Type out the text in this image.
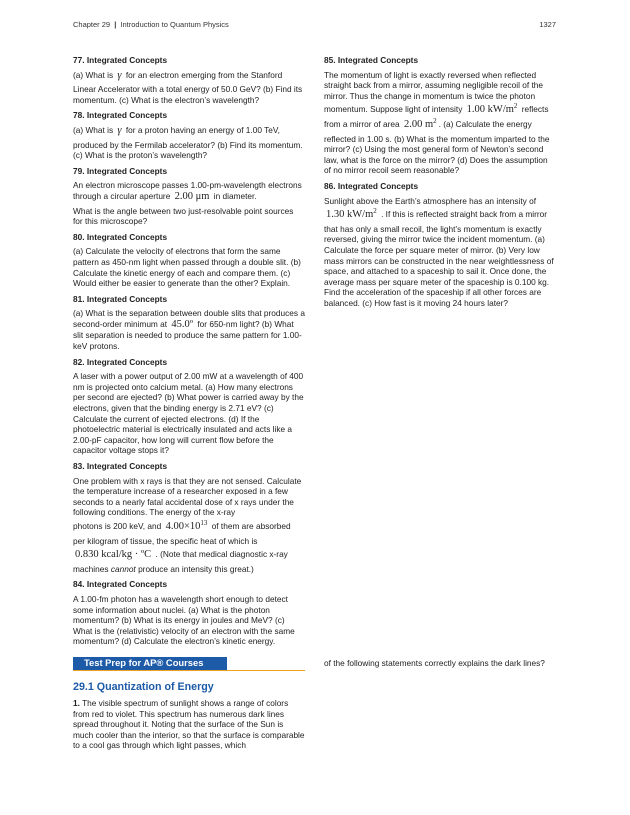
Chapter 29 | Introduction to Quantum Physics	1327
77. Integrated Concepts

(a) What is γ for an electron emerging from the Stanford

Linear Accelerator with a total energy of 50.0 GeV? (b) Find its momentum. (c) What is the electron’s wavelength?

78. Integrated Concepts

(a) What is γ for a proton having an energy of 1.00 TeV,

produced by the Fermilab accelerator? (b) Find its momentum. (c) What is the proton’s wavelength?

79. Integrated Concepts

An electron microscope passes 1.00-pm-wavelength electrons through a circular aperture 2.00 μm in diameter.

What is the angle between two just-resolvable point sources for this microscope?

80. Integrated Concepts

(a) Calculate the velocity of electrons that form the same pattern as 450-nm light when passed through a double slit. (b) Calculate the kinetic energy of each and compare them. (c) Would either be easier to generate than the other? Explain.

81. Integrated Concepts

(a) What is the separation between double slits that produces a second-order minimum at 45.0º for 650-nm light? (b) What slit separation is needed to produce the same pattern for 1.00-keV protons.

82. Integrated Concepts

A laser with a power output of 2.00 mW at a wavelength of 400 nm is projected onto calcium metal. (a) How many electrons per second are ejected? (b) What power is carried away by the electrons, given that the binding energy is 2.71 eV? (c) Calculate the current of ejected electrons. (d) If the photoelectric material is electrically insulated and acts like a 2.00-pF capacitor, how long will current flow before the capacitor voltage stops it?

83. Integrated Concepts

One problem with x rays is that they are not sensed. Calculate the temperature increase of a researcher exposed in a few seconds to a nearly fatal accidental dose of x rays under the following conditions. The energy of the x-ray

photons is 200 keV, and $4.00\times 10^{13}$ of them are absorbed

per kilogram of tissue, the specific heat of which is

0.830 kcal/kg · ºC . (Note that medical diagnostic x-ray

machines cannot produce an intensity this great.)

84. Integrated Concepts

A 1.00-fm photon has a wavelength short enough to detect some information about nuclei. (a) What is the photon momentum? (b) What is its energy in joules and MeV? (c) What is the (relativistic) velocity of an electron with the same momentum? (d) Calculate the electron’s kinetic energy.

85. Integrated Concepts

The momentum of light is exactly reversed when reflected straight back from a mirror, assuming negligible recoil of the mirror. Thus the change in momentum is twice the photon

momentum. Suppose light of intensity 1.00 $kW/m^2$ reflects

from a mirror of area 2.00 $m^2$ . (a) Calculate the energy

reflected in 1.00 s. (b) What is the momentum imparted to the mirror? (c) Using the most general form of Newton’s second law, what is the force on the mirror? (d) Does the assumption of no mirror recoil seem reasonable?

86. Integrated Concepts

Sunlight above the Earth’s atmosphere has an intensity of

1.30 $kW/m^2$ . If this is reflected straight back from a mirror

that has only a small recoil, the light’s momentum is exactly reversed, giving the mirror twice the incident momentum. (a) Calculate the force per square meter of mirror. (b) Very low mass mirrors can be constructed in the near weightlessness of space, and attached to a spaceship to sail it. Once done, the average mass per square meter of the spaceship is 0.100 kg. Find the acceleration of the spaceship if all other forces are balanced. (c) How fast is it moving 24 hours later?

Test Prep for AP® Courses
29.1 Quantization of Energy
1. The visible spectrum of sunlight shows a range of colors from red to violet. This spectrum has numerous dark lines spread throughout it. Noting that the surface of the Sun is much cooler than the interior, so that the surface is comparable to a cool gas through which light passes, which
of the following statements correctly explains the dark lines?
